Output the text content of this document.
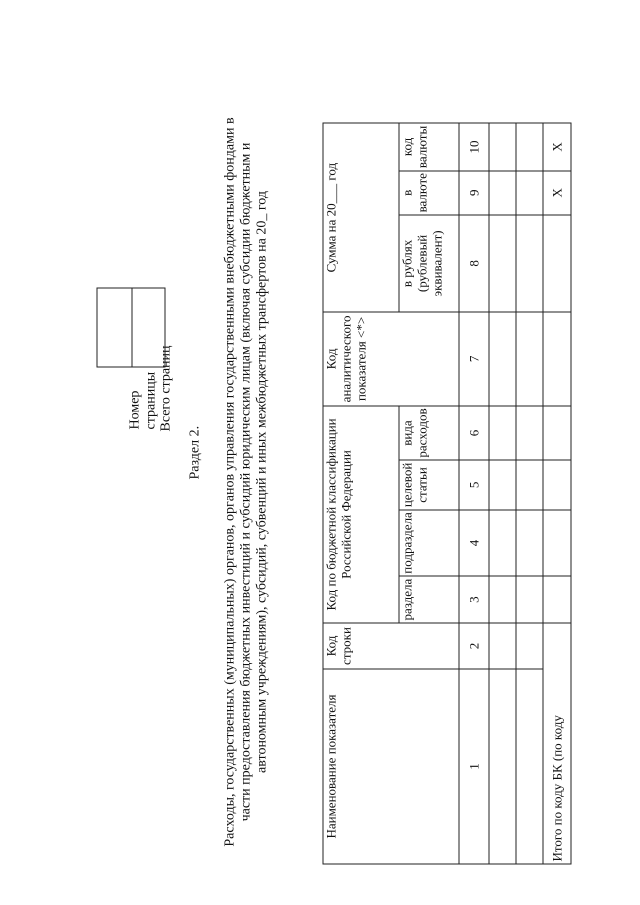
Номер
страницы Всего страниц
Раздел 2. Расходы, государственных (муниципальных) органов, органов управления государственными внебюджетными фондами в части предоставления бюджетных инвестиций и субсидий юридическим лицам (включая субсидии бюджетным и автономным учреждениям), субсидий, субвенций и иных межбюджетных трансфертов на 20_ год	Наименование показателя	Код строки	Код по бюджетной классификации Российской Федерации				Код аналитического показателя <*>	Сумма на 20___ год		
		раздела	подраздела	целевой статьи	вида расходов		в рублях (рублевый эквивалент)	в валюте	код валюты
1	2	3	4	5	6	7	8	9	10

Итого по коду БК (по коду								X	X
